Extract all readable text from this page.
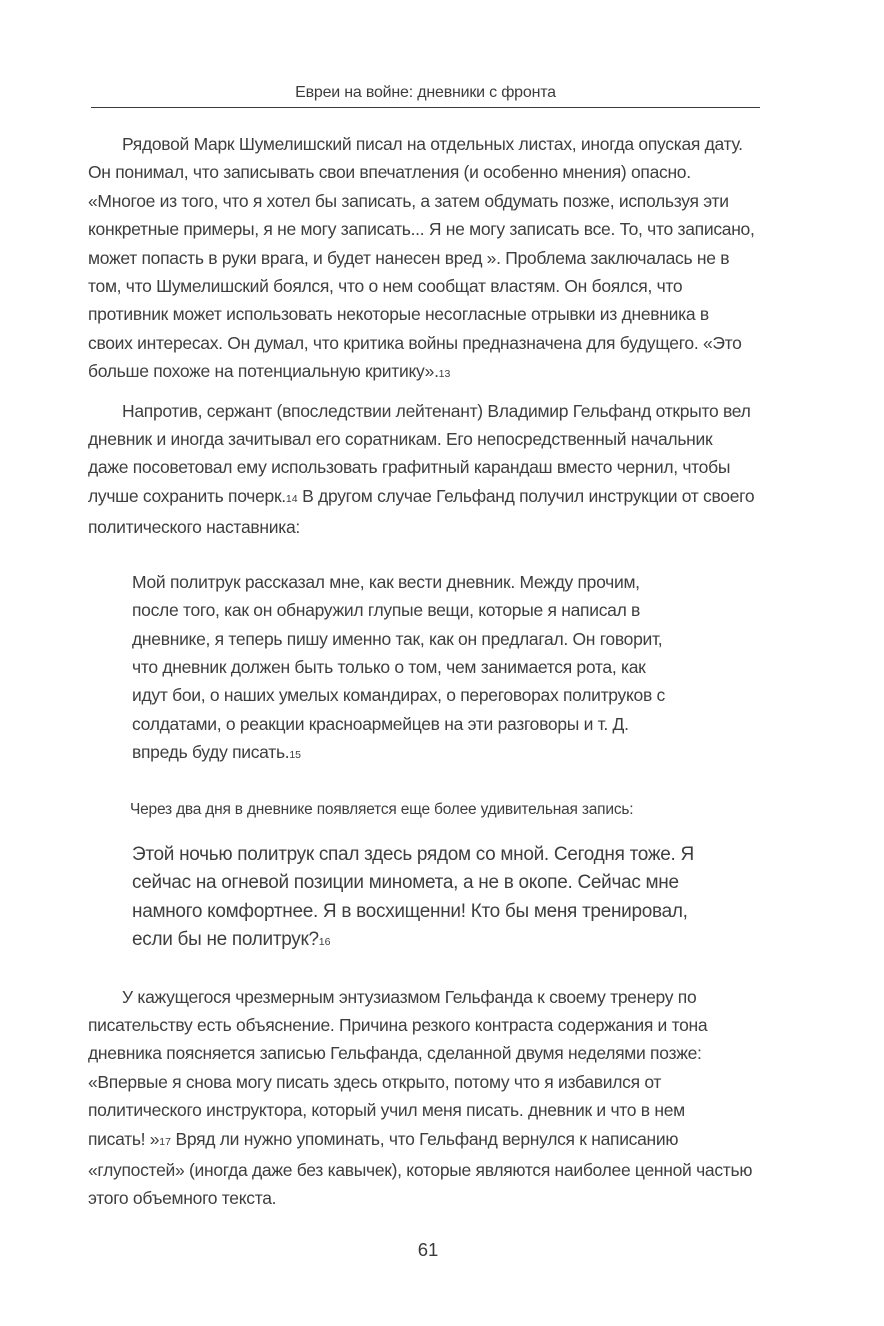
Евреи на войне: дневники с фронта

Рядовой Марк Шумелишский писал на отдельных листах, иногда опуская дату.
Он понимал, что записывать свои впечатления (и особенно мнения) опасно.
«Многое из того, что я хотел бы записать, а затем обдумать позже, используя эти
конкретные примеры, я не могу записать... Я не могу записать все. То, что записано,
может попасть в руки врага, и будет нанесен вред ». Проблема заключалась не в
том, что Шумелишский боялся, что о нем сообщат властям. Он боялся, что
противник может использовать некоторые несогласные отрывки из дневника в
своих интересах. Он думал, что критика войны предназначена для будущего. «Это
больше похоже на потенциальную критику».13

Напротив, сержант (впоследствии лейтенант) Владимир Гельфанд открыто вел
дневник и иногда зачитывал его соратникам. Его непосредственный начальник
даже посоветовал ему использовать графитный карандаш вместо чернил, чтобы
лучше сохранить почерк.14 В другом случае Гельфанд получил инструкции от своего
политического наставника:

Мой политрук рассказал мне, как вести дневник. Между прочим,
после того, как он обнаружил глупые вещи, которые я написал в
дневнике, я теперь пишу именно так, как он предлагал. Он говорит,
что дневник должен быть только о том, чем занимается рота, как
идут бои, о наших умелых командирах, о переговорах политруков с
солдатами, о реакции красноармейцев на эти разговоры и т. Д.
впредь буду писать.15

Через два дня в дневнике появляется еще более удивительная запись:

Этой ночью политрук спал здесь рядом со мной. Сегодня тоже. Я
сейчас на огневой позиции миномета, а не в окопе. Сейчас мне
намного комфортнее. Я в восхищенни! Кто бы меня тренировал,
если бы не политрук?16

У кажущегося чрезмерным энтузиазмом Гельфанда к своему тренеру по
писательству есть объяснение. Причина резкого контраста содержания и тона
дневника поясняется записью Гельфанда, сделанной двумя неделями позже:
«Впервые я снова могу писать здесь открыто, потому что я избавился от
политического инструктора, который учил меня писать. дневник и что в нем
писать! »17 Вряд ли нужно упоминать, что Гельфанд вернулся к написанию
«глупостей» (иногда даже без кавычек), которые являются наиболее ценной частью
этого объемного текста.

61
